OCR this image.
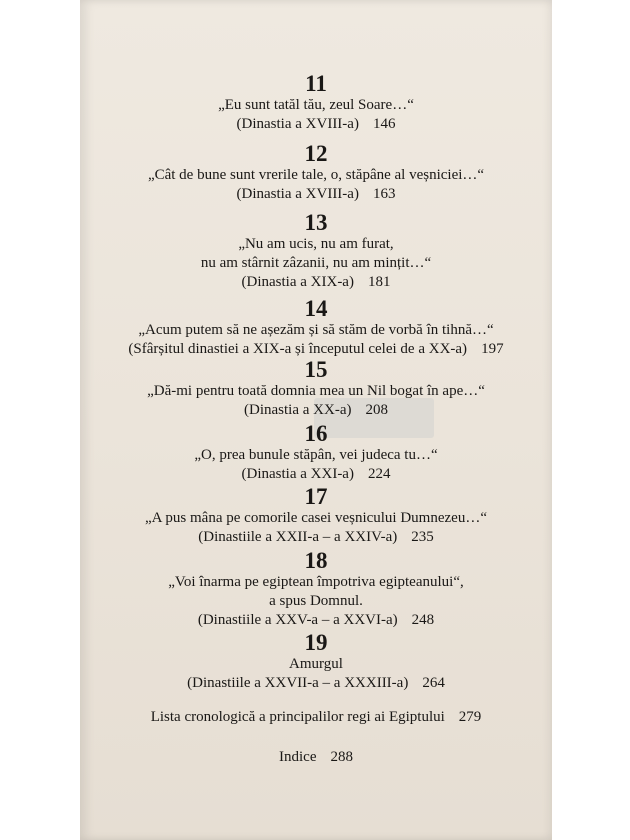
11
„Eu sunt tatăl tău, zeul Soare…“
(Dinastia a XVIII-a) 146
12
„Cât de bune sunt vrerile tale, o, stăpâne al veșniciei…“
(Dinastia a XVIII-a) 163
13
„Nu am ucis, nu am furat,
nu am stârnit zâzanii, nu am mințit…“
(Dinastia a XIX-a) 181
14
„Acum putem să ne așezăm și să stăm de vorbă în tihnă…“
(Sfârșitul dinastiei a XIX-a și începutul celei de a XX-a) 197
15
„Dă-mi pentru toată domnia mea un Nil bogat în ape…“
(Dinastia a XX-a) 208
16
„O, prea bunule stăpân, vei judeca tu…“
(Dinastia a XXI-a) 224
17
„A pus mâna pe comorile casei veșnicului Dumnezeu…“
(Dinastiile a XXII-a – a XXIV-a) 235
18
„Voi înarma pe egiptean împotriva egipteanului“,
a spus Domnul.
(Dinastiile a XXV-a – a XXVI-a) 248
19
Amurgul
(Dinastiile a XXVII-a – a XXXIII-a) 264
Lista cronologică a principalilor regi ai Egiptului 279
Indice 288
